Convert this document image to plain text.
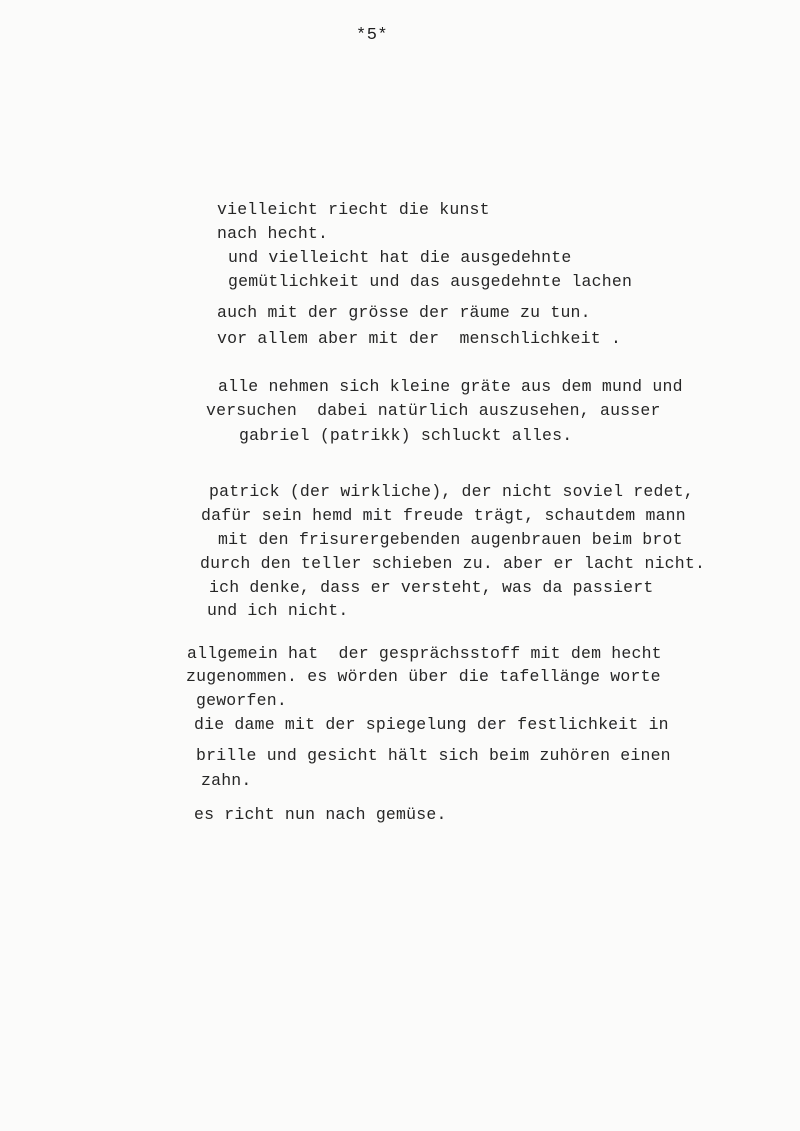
*5*
vielleicht riecht die kunst
nach hecht.
und vielleicht hat die ausgedehnte
gemütlichkeit und das ausgedehnte lachen
auch mit der grösse der räume zu tun.
vor allem aber mit der  menschlichkeit .
alle nehmen sich kleine gräte aus dem mund und
versuchen  dabei natürlich auszusehen, ausser
gabriel (patrikk) schluckt alles.
patrick (der wirkliche), der nicht soviel redet,
dafür sein hemd mit freude trägt, schautdem mann
mit den frisurergebenden augenbrauen beim brot
durch den teller schieben zu. aber er lacht nicht.
ich denke, dass er versteht, was da passiert
und ich nicht.
allgemein hat  der gesprächsstoff mit dem hecht
zugenommen. es wörden über die tafellänge worte
geworfen.
die dame mit der spiegelung der festlichkeit in
brille und gesicht hält sich beim zuhören einen
zahn.
es richt nun nach gemüse.
